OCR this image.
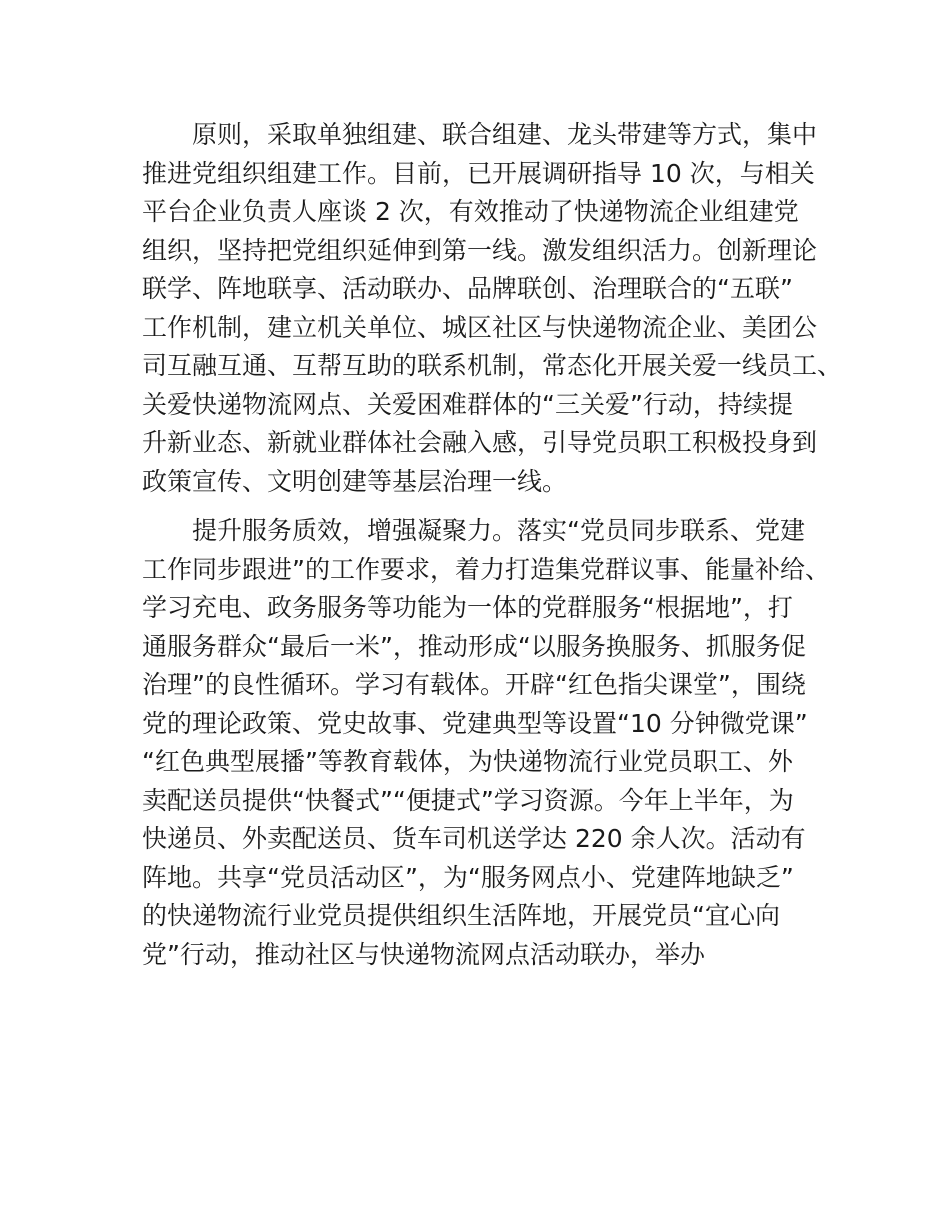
原则，采取单独组建、联合组建、龙头带建等方式，集中
推进党组织组建工作。目前，已开展调研指导 10 次，与相关
平台企业负责人座谈 2 次，有效推动了快递物流企业组建党
组织，坚持把党组织延伸到第一线。激发组织活力。创新理论
联学、阵地联享、活动联办、品牌联创、治理联合的“五联”
工作机制，建立机关单位、城区社区与快递物流企业、美团公
司互融互通、互帮互助的联系机制，常态化开展关爱一线员工、
关爱快递物流网点、关爱困难群体的“三关爱”行动，持续提
升新业态、新就业群体社会融入感，引导党员职工积极投身到
政策宣传、文明创建等基层治理一线。
提升服务质效，增强凝聚力。落实“党员同步联系、党建
工作同步跟进”的工作要求，着力打造集党群议事、能量补给、
学习充电、政务服务等功能为一体的党群服务“根据地”，打
通服务群众“最后一米”，推动形成“以服务换服务、抓服务促
治理”的良性循环。学习有载体。开辟“红色指尖课堂”，围绕
党的理论政策、党史故事、党建典型等设置“10 分钟微党课”
“红色典型展播”等教育载体，为快递物流行业党员职工、外
卖配送员提供“快餐式”“便捷式”学习资源。今年上半年，为
快递员、外卖配送员、货车司机送学达 220 余人次。活动有
阵地。共享“党员活动区”，为“服务网点小、党建阵地缺乏”
的快递物流行业党员提供组织生活阵地，开展党员“宜心向
党”行动，推动社区与快递物流网点活动联办，举办
